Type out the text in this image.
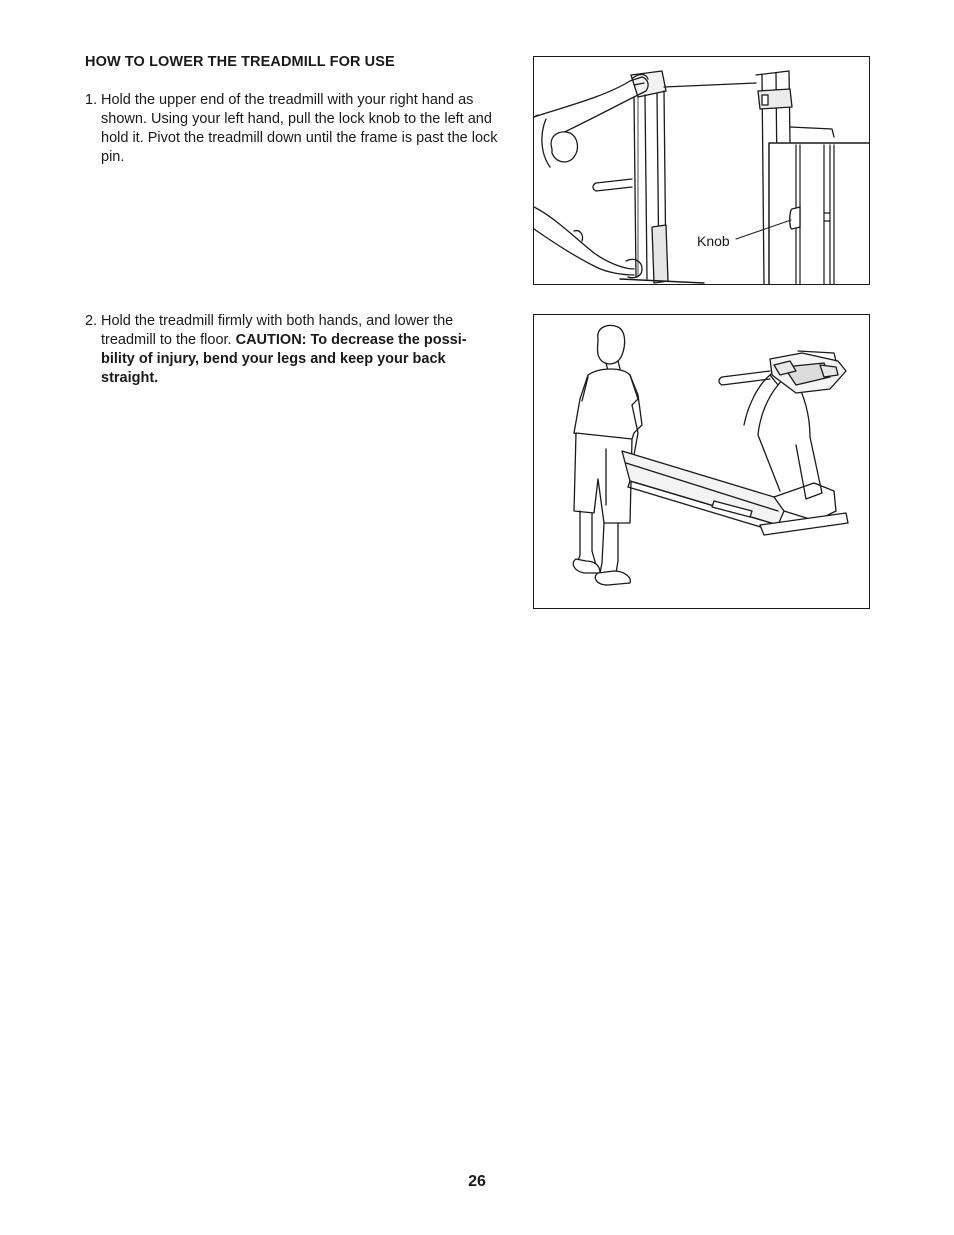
HOW TO LOWER THE TREADMILL FOR USE
1. Hold the upper end of the treadmill with your right hand as shown. Using your left hand, pull the lock knob to the left and hold it. Pivot the treadmill down until the frame is past the lock pin.
2. Hold the treadmill firmly with both hands, and lower the treadmill to the floor. CAUTION: To decrease the possi-bility of injury, bend your legs and keep your back straight.
Knob
26
